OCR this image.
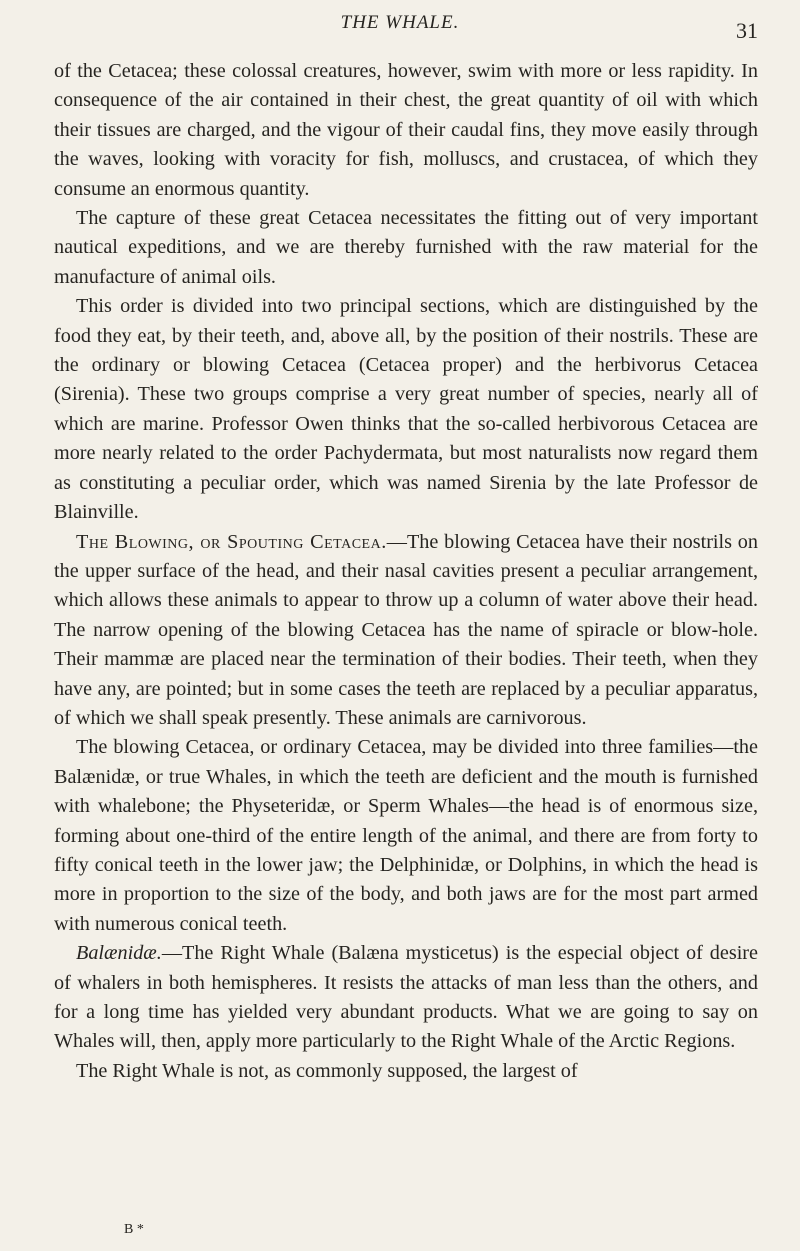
THE WHALE.	31

of the Cetacea; these colossal creatures, however, swim with more or less rapidity. In consequence of the air contained in their chest, the great quantity of oil with which their tissues are charged, and the vigour of their caudal fins, they move easily through the waves, looking with voracity for fish, molluscs, and crustacea, of which they consume an enormous quantity.

The capture of these great Cetacea necessitates the fitting out of very important nautical expeditions, and we are thereby furnished with the raw material for the manufacture of animal oils.

This order is divided into two principal sections, which are distinguished by the food they eat, by their teeth, and, above all, by the position of their nostrils. These are the ordinary or blowing Cetacea (Cetacea proper) and the herbivorus Cetacea (Sirenia). These two groups comprise a very great number of species, nearly all of which are marine. Professor Owen thinks that the so-called herbivorous Cetacea are more nearly related to the order Pachydermata, but most naturalists now regard them as constituting a peculiar order, which was named Sirenia by the late Professor de Blainville.

The Blowing, or Spouting Cetacea.—The blowing Cetacea have their nostrils on the upper surface of the head, and their nasal cavities present a peculiar arrangement, which allows these animals to appear to throw up a column of water above their head. The narrow opening of the blowing Cetacea has the name of spiracle or blow-hole. Their mammæ are placed near the termination of their bodies. Their teeth, when they have any, are pointed; but in some cases the teeth are replaced by a peculiar apparatus, of which we shall speak presently. These animals are carnivorous.

The blowing Cetacea, or ordinary Cetacea, may be divided into three families—the Balænidæ, or true Whales, in which the teeth are deficient and the mouth is furnished with whalebone; the Physeteridæ, or Sperm Whales—the head is of enormous size, forming about one-third of the entire length of the animal, and there are from forty to fifty conical teeth in the lower jaw; the Delphinidæ, or Dolphins, in which the head is more in proportion to the size of the body, and both jaws are for the most part armed with numerous conical teeth.

Balænidæ.—The Right Whale (Balæna mysticetus) is the especial object of desire of whalers in both hemispheres. It resists the attacks of man less than the others, and for a long time has yielded very abundant products. What we are going to say on Whales will, then, apply more particularly to the Right Whale of the Arctic Regions.

The Right Whale is not, as commonly supposed, the largest of

B *
